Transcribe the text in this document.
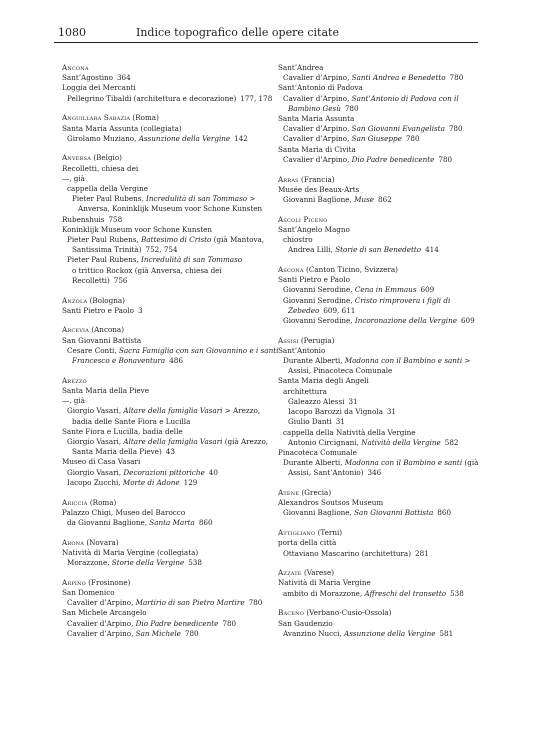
1080	Indice topografico delle opere citate
Ancona
Sant’Agostino 364
Loggia dei Mercanti
Pellegrino Tibaldi (architettura e decorazione) 177, 178
Anguillara Sabazia (Roma)
Santa Maria Assunta (collegiata)
Girolamo Muziano, Assunzione della Vergine 142
Anversa (Belgio)
Recolletti, chiesa dei
—, già
cappella della Vergine
Pieter Paul Rubens, Incredulità di san Tommaso >
Anversa, Koninklijk Museum voor Schone Kunsten
Rubenshuis 758
Koninklijk Museum voor Schone Kunsten
Pieter Paul Rubens, Battesimo di Cristo (già Mantova,
Santissima Trinità) 752, 754
Pieter Paul Rubens, Incredulità di san Tommaso
o trittico Rockox (già Anversa, chiesa dei
Recolletti) 756
Anzola (Bologna)
Santi Pietro e Paolo 3
Arcevia (Ancona)
San Giovanni Battista
Cesare Conti, Sacra Famiglia con san Giovannino e i santi
Francesco e Bonaventura 486
Arezzo
Santa Maria della Pieve
—, già
Giorgio Vasari, Altare della famiglia Vasari > Arezzo,
badia delle Sante Fiora e Lucilla
Sante Fiora e Lucilla, badia delle
Giorgio Vasari, Altare della famiglia Vasari (già Arezzo,
Santa Maria della Pieve) 43
Museo di Casa Vasari
Giorgio Vasari, Decorazioni pittoriche 40
Iacopo Zucchi, Morte di Adone 129
Ariccia (Roma)
Palazzo Chigi, Museo del Barocco
da Giovanni Baglione, Santa Marta 860
Arona (Novara)
Natività di Maria Vergine (collegiata)
Morazzone, Storie della Vergine 538
Arpino (Frosinone)
San Domenico
Cavalier d’Arpino, Martirio di san Pietro Martire 780
San Michele Arcangelo
Cavalier d’Arpino, Dio Padre benedicente 780
Cavalier d’Arpino, San Michele 780
Sant’Andrea
Cavalier d’Arpino, Santi Andrea e Benedetto 780
Sant’Antonio di Padova
Cavalier d’Arpino, Sant’Antonio di Padova con il
Bambino Gesù 780
Santa Maria Assunta
Cavalier d’Arpino, San Giovanni Evangelista 780
Cavalier d’Arpino, San Giuseppe 780
Santa Maria di Civita
Cavalier d’Arpino, Dio Padre benedicente 780
Arras (Francia)
Musée des Beaux-Arts
Giovanni Baglione, Muse 862
Ascoli Piceno
Sant’Angelo Magno
chiostro
Andrea Lilli, Storie di san Benedetto 414
Ascona (Canton Ticino, Svizzera)
Santi Pietro e Paolo
Giovanni Serodine, Cena in Emmaus 609
Giovanni Serodine, Cristo rimprovera i figli di
Zebedeo 609, 611
Giovanni Serodine, Incoronazione della Vergine 609
Assisi (Perugia)
Sant’Antonio
Durante Alberti, Madonna con il Bambino e santi >
Assisi, Pinacoteca Comunale
Santa Maria degli Angeli
architettura
Galeazzo Alessi 31
Iacopo Barozzi da Vignola 31
Giulio Danti 31
cappella della Natività della Vergine
Antonio Circignani, Natività della Vergine 582
Pinacoteca Comunale
Durante Alberti, Madonna con il Bambino e santi (già
Assisi, Sant’Antonio) 346
Atene (Grecia)
Alexandros Soutsos Museum
Giovanni Baglione, San Giovanni Battista 860
Attigliano (Terni)
porta della città
Ottaviano Mascarino (architettura) 281
Azzate (Varese)
Natività di Maria Vergine
ambito di Morazzone, Affreschi del transetto 538
Baceno (Verbano-Cusio-Ossola)
San Gaudenzio
Avanzino Nucci, Assunzione della Vergine 581
